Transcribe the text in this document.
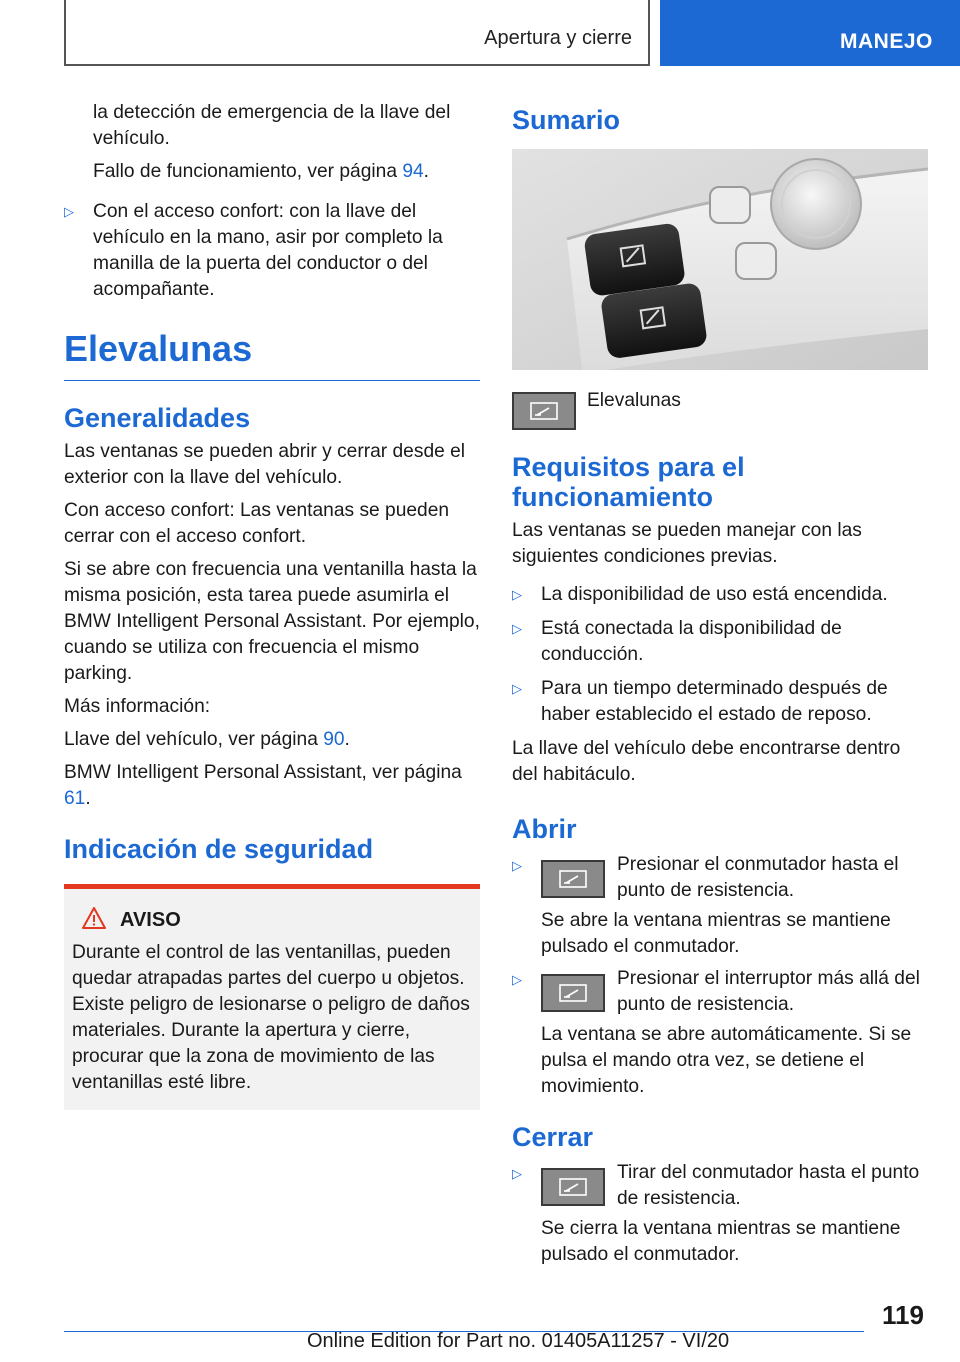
Apertura y cierre	MANEJO

la detección de emergencia de la llave del vehículo.

Fallo de funcionamiento, ver página 94.

▷ Con el acceso confort: con la llave del vehículo en la mano, asir por completo la manilla de la puerta del conductor o del acompañante.
Elevalunas
Generalidades

Las ventanas se pueden abrir y cerrar desde el exterior con la llave del vehículo.

Con acceso confort: Las ventanas se pueden cerrar con el acceso confort.

Si se abre con frecuencia una ventanilla hasta la misma posición, esta tarea puede asumirla el BMW Intelligent Personal Assistant. Por ejemplo, cuando se utiliza con frecuencia el mismo parking.

Más información:

Llave del vehículo, ver página 90.

BMW Intelligent Personal Assistant, ver página 61.

Indicación de seguridad
AVISO

Durante el control de las ventanillas, pueden quedar atrapadas partes del cuerpo u objetos. Existe peligro de lesionarse o peligro de daños materiales. Durante la apertura y cierre, procurar que la zona de movimiento de las ventanillas esté libre.

Sumario
Elevalunas
Requisitos para el funcionamiento

Las ventanas se pueden manejar con las siguientes condiciones previas.

▷ La disponibilidad de uso está encendida.
▷ Está conectada la disponibilidad de conducción.
▷ Para un tiempo determinado después de haber establecido el estado de reposo.

La llave del vehículo debe encontrarse dentro del habitáculo.

Abrir
▷	Presionar el conmutador hasta el punto de resistencia.

Se abre la ventana mientras se mantiene pulsado el conmutador.

▷	Presionar el interruptor más allá del punto de resistencia.

La ventana se abre automáticamente. Si se pulsa el mando otra vez, se detiene el movimiento.

Cerrar
▷	Tirar del conmutador hasta el punto de resistencia.

Se cierra la ventana mientras se mantiene pulsado el conmutador.

119
Online Edition for Part no. 01405A11257 - VI/20
